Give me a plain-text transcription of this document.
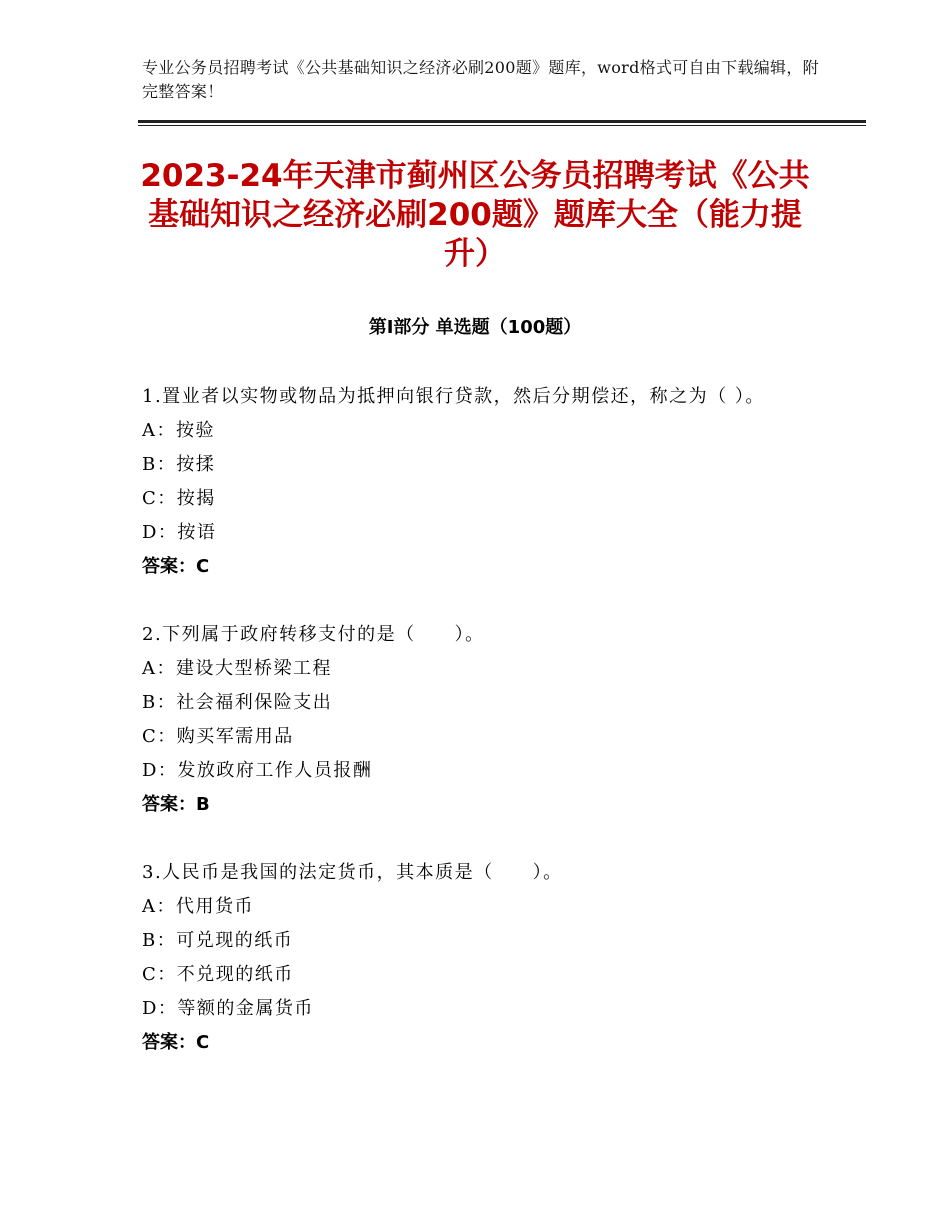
专业公务员招聘考试《公共基础知识之经济必刷200题》题库，word格式可自由下载编辑，附完整答案！
2023-24年天津市蓟州区公务员招聘考试《公共基础知识之经济必刷200题》题库大全（能力提升）
第I部分 单选题（100题）
1.置业者以实物或物品为抵押向银行贷款，然后分期偿还，称之为（ ）。
A：按验
B：按揉
C：按揭
D：按语
答案：C
2.下列属于政府转移支付的是（　　）。
A：建设大型桥梁工程
B：社会福利保险支出
C：购买军需用品
D：发放政府工作人员报酬
答案：B
3.人民币是我国的法定货币，其本质是（　　）。
A：代用货币
B：可兑现的纸币
C：不兑现的纸币
D：等额的金属货币
答案：C
